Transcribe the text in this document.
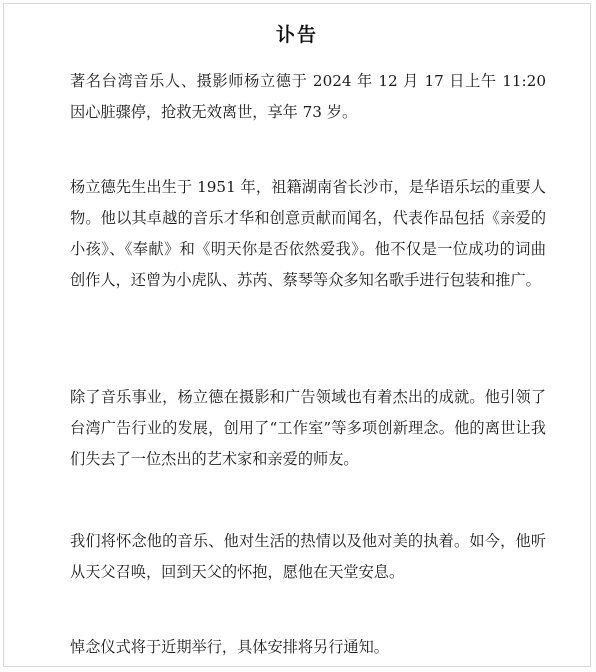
讣告

著名台湾音乐人、摄影师杨立德于 2024 年 12 月 17 日上午 11:20 因心脏骤停，抢救无效离世，享年 73 岁。

杨立德先生出生于 1951 年，祖籍湖南省长沙市，是华语乐坛的重要人物。他以其卓越的音乐才华和创意贡献而闻名，代表作品包括《亲爱的小孩》、《奉献》和《明天你是否依然爱我》。他不仅是一位成功的词曲创作人，还曾为小虎队、苏芮、蔡琴等众多知名歌手进行包装和推广。

除了音乐事业，杨立德在摄影和广告领域也有着杰出的成就。他引领了台湾广告行业的发展，创用了“工作室”等多项创新理念。他的离世让我们失去了一位杰出的艺术家和亲爱的师友。

我们将怀念他的音乐、他对生活的热情以及他对美的执着。如今，他听从天父召唤，回到天父的怀抱，愿他在天堂安息。

悼念仪式将于近期举行，具体安排将另行通知。
